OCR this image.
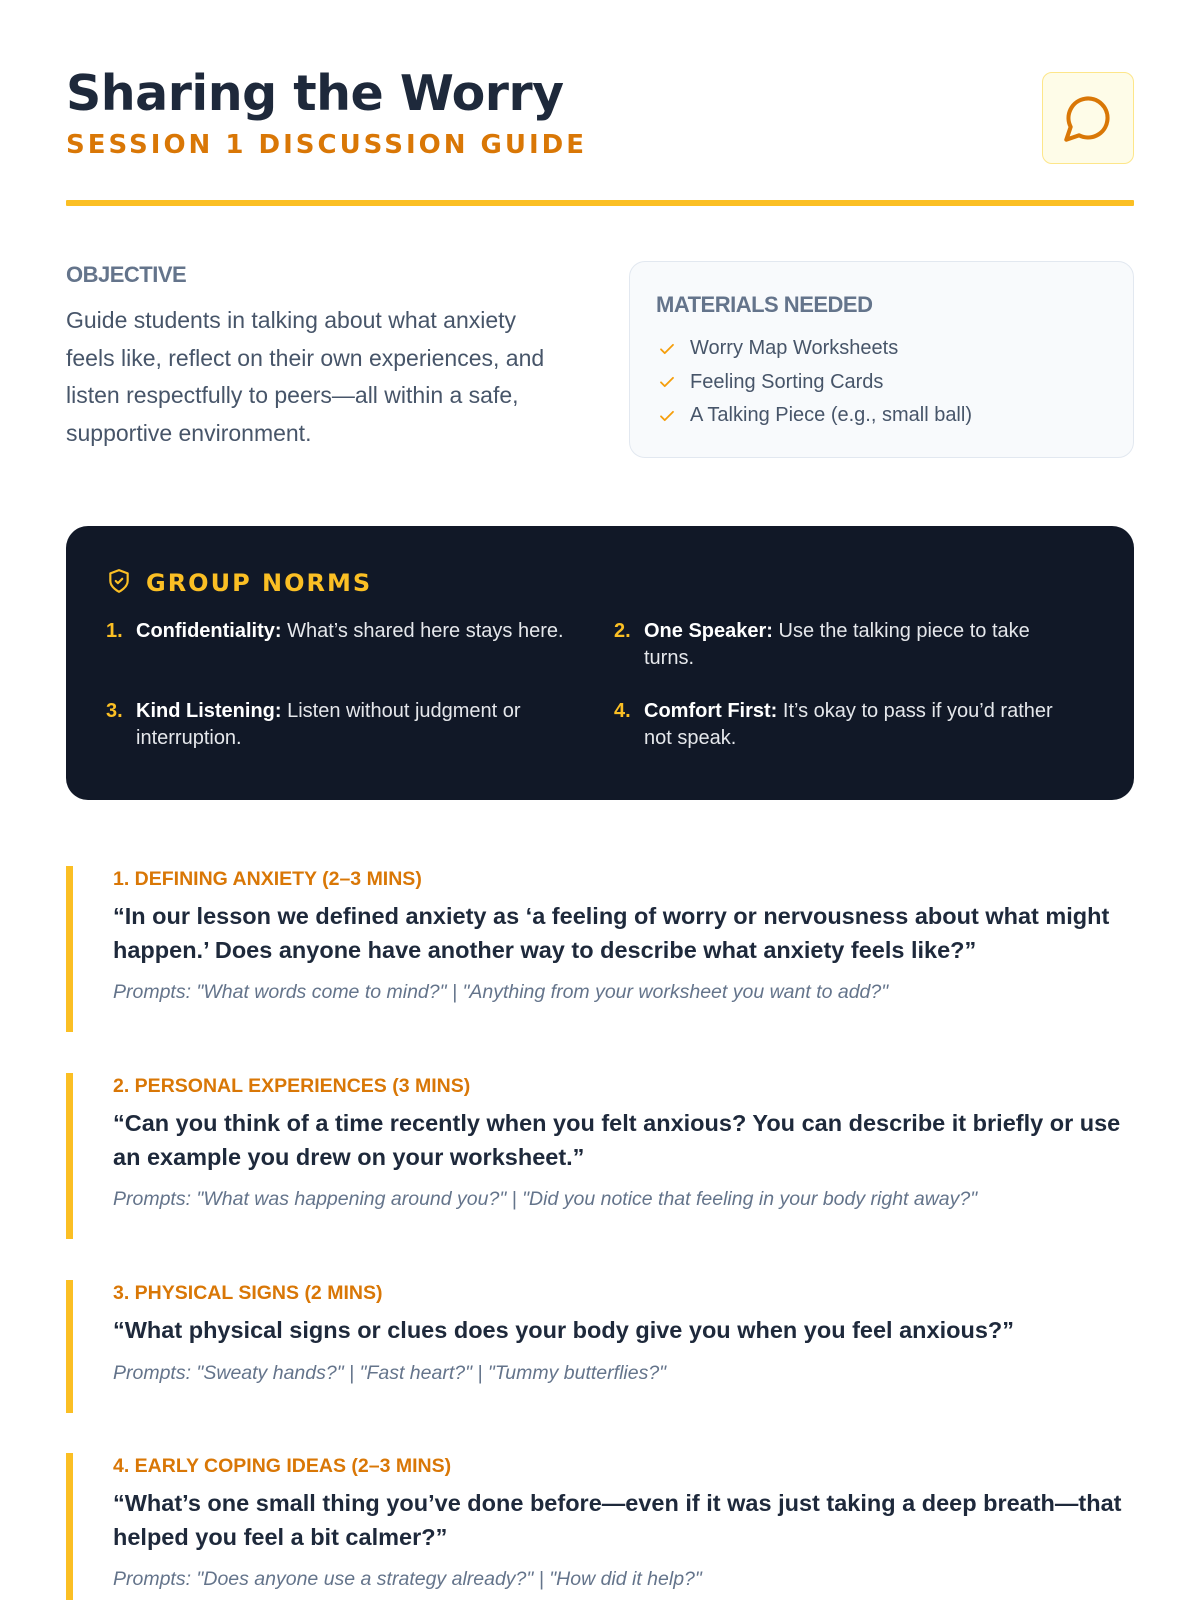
Sharing the Worry
SESSION 1 DISCUSSION GUIDE
OBJECTIVE

Guide students in talking about what anxiety feels like, reflect on their own experiences, and listen respectfully to peers—all within a safe, supportive environment.

MATERIALS NEEDED
Worry Map Worksheets
Feeling Sorting Cards
A Talking Piece (e.g., small ball)
GROUP NORMS
1. Confidentiality: What’s shared here stays here.	2. One Speaker: Use the talking piece to take turns.
3. Kind Listening: Listen without judgment or interruption.
4. Comfort First: It’s okay to pass if you’d rather not speak.
1. DEFINING ANXIETY (2–3 MINS)
“In our lesson we defined anxiety as ‘a feeling of worry or nervousness about what might happen.’ Does anyone have another way to describe what anxiety feels like?”
Prompts: "What words come to mind?" | "Anything from your worksheet you want to add?"
2. PERSONAL EXPERIENCES (3 MINS)
“Can you think of a time recently when you felt anxious? You can describe it briefly or use an example you drew on your worksheet.”
Prompts: "What was happening around you?" | "Did you notice that feeling in your body right away?"
3. PHYSICAL SIGNS (2 MINS)
“What physical signs or clues does your body give you when you feel anxious?”
Prompts: "Sweaty hands?" | "Fast heart?" | "Tummy butterflies?"
4. EARLY COPING IDEAS (2–3 MINS)
“What’s one small thing you’ve done before—even if it was just taking a deep breath—that helped you feel a bit calmer?”
Prompts: "Does anyone use a strategy already?" | "How did it help?"
